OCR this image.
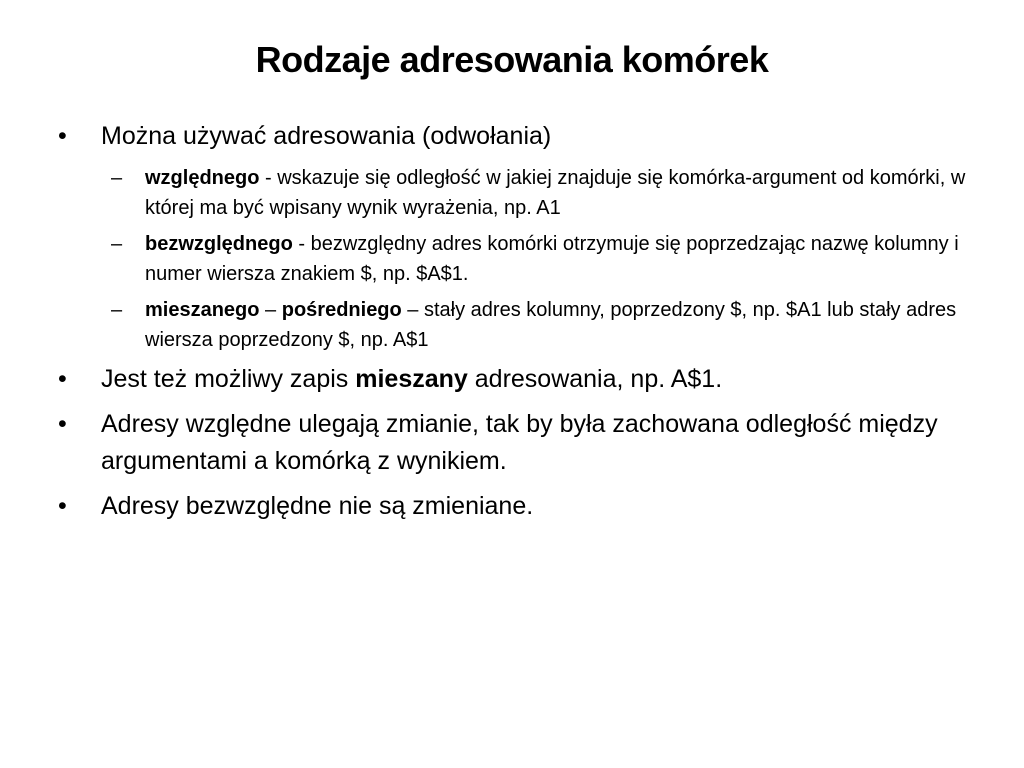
Rodzaje adresowania komórek
• Można używać adresowania (odwołania)
– względnego - wskazuje się odległość w jakiej znajduje się komórka-argument od komórki, w której ma być wpisany wynik wyrażenia, np. A1
– bezwzględnego - bezwzględny adres komórki otrzymuje się poprzedzając nazwę kolumny i numer wiersza znakiem $, np. $A$1.
– mieszanego – pośredniego – stały adres kolumny, poprzedzony $, np. $A1 lub stały adres wiersza poprzedzony $, np. A$1
• Jest też możliwy zapis mieszany adresowania, np. A$1.
• Adresy względne ulegają zmianie, tak by była zachowana odległość między argumentami a komórką z wynikiem.
• Adresy bezwzględne nie są zmieniane.
